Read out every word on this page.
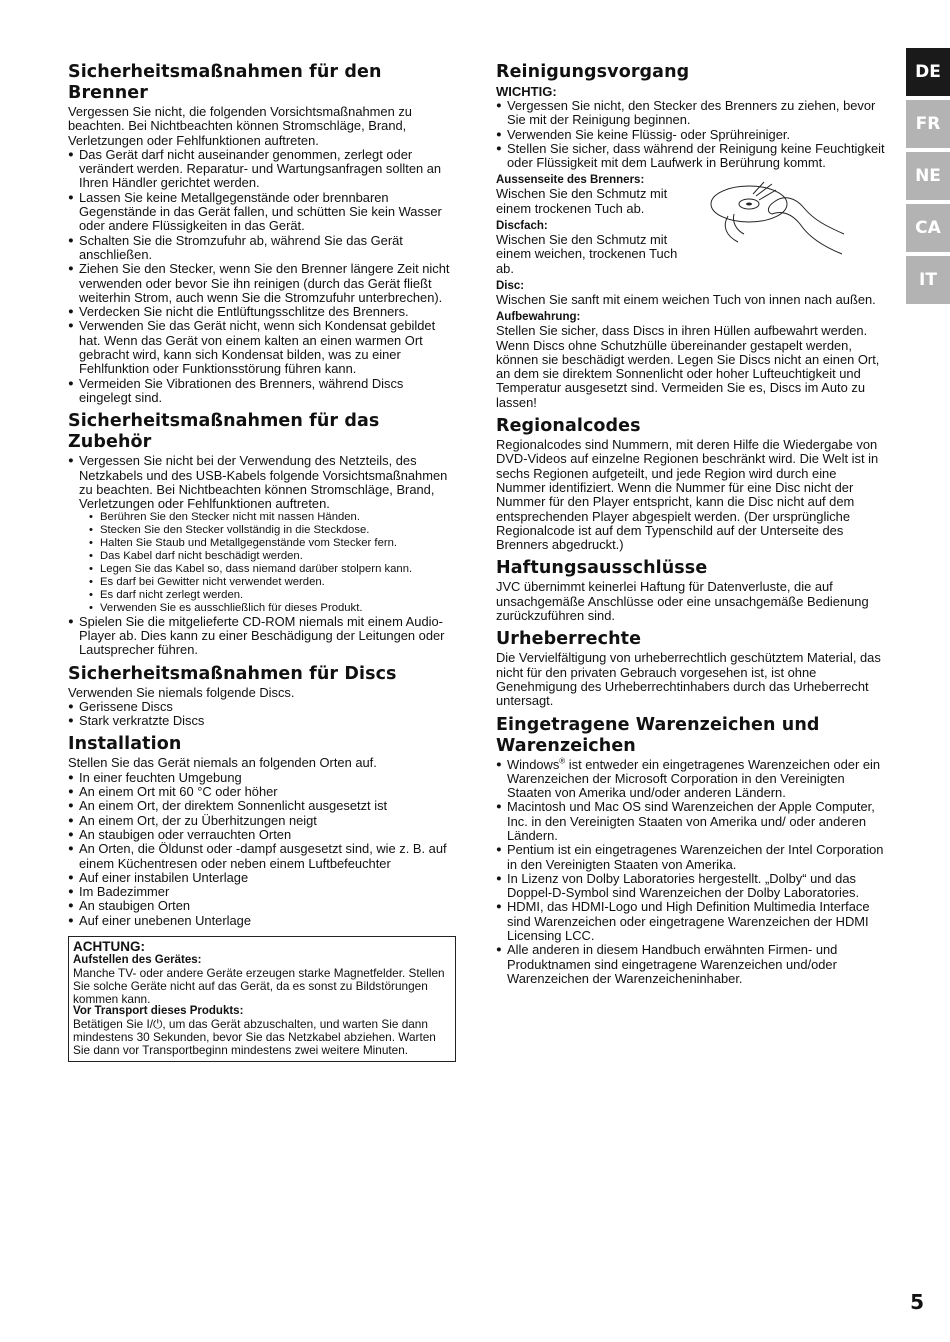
Sicherheitsmaßnahmen für den Brenner

Vergessen Sie nicht, die folgenden Vorsichtsmaßnahmen zu beachten. Bei Nichtbeachten können Stromschläge, Brand, Verletzungen oder Fehlfunktionen auftreten.

● Das Gerät darf nicht auseinander genommen, zerlegt oder verändert werden. Reparatur- und Wartungsanfragen sollten an Ihren Händler gerichtet werden.
● Lassen Sie keine Metallgegenstände oder brennbaren Gegenstände in das Gerät fallen, und schütten Sie kein Wasser oder andere Flüssigkeiten in das Gerät.
● Schalten Sie die Stromzufuhr ab, während Sie das Gerät anschließen.
● Ziehen Sie den Stecker, wenn Sie den Brenner längere Zeit nicht verwenden oder bevor Sie ihn reinigen (durch das Gerät fließt weiterhin Strom, auch wenn Sie die Stromzufuhr unterbrechen).
● Verdecken Sie nicht die Entlüftungsschlitze des Brenners.
● Verwenden Sie das Gerät nicht, wenn sich Kondensat gebildet hat. Wenn das Gerät von einem kalten an einen warmen Ort gebracht wird, kann sich Kondensat bilden, was zu einer Fehlfunktion oder Funktionsstörung führen kann.
● Vermeiden Sie Vibrationen des Brenners, während Discs eingelegt sind.
Sicherheitsmaßnahmen für das Zubehör
● Vergessen Sie nicht bei der Verwendung des Netzteils, des Netzkabels und des USB-Kabels folgende Vorsichtsmaßnahmen zu beachten. Bei Nichtbeachten können Stromschläge, Brand, Verletzungen oder Fehlfunktionen auftreten.
• Berühren Sie den Stecker nicht mit nassen Händen.
• Stecken Sie den Stecker vollständig in die Steckdose.
• Halten Sie Staub und Metallgegenstände vom Stecker fern.
• Das Kabel darf nicht beschädigt werden.
• Legen Sie das Kabel so, dass niemand darüber stolpern kann.
• Es darf bei Gewitter nicht verwendet werden.
• Es darf nicht zerlegt werden.
• Verwenden Sie es ausschließlich für dieses Produkt.
● Spielen Sie die mitgelieferte CD-ROM niemals mit einem Audio-Player ab. Dies kann zu einer Beschädigung der Leitungen oder Lautsprecher führen.
Sicherheitsmaßnahmen für Discs

Verwenden Sie niemals folgende Discs.

● Gerissene Discs
● Stark verkratzte Discs
Installation

Stellen Sie das Gerät niemals an folgenden Orten auf.

● In einer feuchten Umgebung
● An einem Ort mit 60 °C oder höher
● An einem Ort, der direktem Sonnenlicht ausgesetzt ist
● An einem Ort, der zu Überhitzungen neigt
● An staubigen oder verrauchten Orten
● An Orten, die Öldunst oder -dampf ausgesetzt sind, wie z. B. auf einem Küchentresen oder neben einem Luftbefeuchter
● Auf einer instabilen Unterlage
● Im Badezimmer
● An staubigen Orten
● Auf einer unebenen Unterlage
ACHTUNG:
Aufstellen des Gerätes:

Manche TV- oder andere Geräte erzeugen starke Magnetfelder. Stellen Sie solche Geräte nicht auf das Gerät, da es sonst zu Bildstörungen kommen kann.

Vor Transport dieses Produkts:

Betätigen Sie I/⏻, um das Gerät abzuschalten, und warten Sie dann mindestens 30 Sekunden, bevor Sie das Netzkabel abziehen. Warten Sie dann vor Transportbeginn mindestens zwei weitere Minuten.

Reinigungsvorgang
WICHTIG:
● Vergessen Sie nicht, den Stecker des Brenners zu ziehen, bevor Sie mit der Reinigung beginnen.
● Verwenden Sie keine Flüssig- oder Sprühreiniger.
● Stellen Sie sicher, dass während der Reinigung keine Feuchtigkeit oder Flüssigkeit mit dem Laufwerk in Berührung kommt.
Aussenseite des Brenners:

Wischen Sie den Schmutz mit einem trockenen Tuch ab.

Discfach:

Wischen Sie den Schmutz mit einem weichen, trockenen Tuch ab.

Disc:

Wischen Sie sanft mit einem weichen Tuch von innen nach außen.

Aufbewahrung:

Stellen Sie sicher, dass Discs in ihren Hüllen aufbewahrt werden. Wenn Discs ohne Schutzhülle übereinander gestapelt werden, können sie beschädigt werden. Legen Sie Discs nicht an einen Ort, an dem sie direktem Sonnenlicht oder hoher Lufteuchtigkeit und Temperatur ausgesetzt sind. Vermeiden Sie es, Discs im Auto zu lassen!

Regionalcodes

Regionalcodes sind Nummern, mit deren Hilfe die Wiedergabe von DVD-Videos auf einzelne Regionen beschränkt wird. Die Welt ist in sechs Regionen aufgeteilt, und jede Region wird durch eine Nummer identifiziert. Wenn die Nummer für eine Disc nicht der Nummer für den Player entspricht, kann die Disc nicht auf dem entsprechenden Player abgespielt werden. (Der ursprüngliche Regionalcode ist auf dem Typenschild auf der Unterseite des Brenners abgedruckt.)

Haftungsausschlüsse

JVC übernimmt keinerlei Haftung für Datenverluste, die auf unsachgemäße Anschlüsse oder eine unsachgemäße Bedienung zurückzuführen sind.

Urheberrechte

Die Vervielfältigung von urheberrechtlich geschütztem Material, das nicht für den privaten Gebrauch vorgesehen ist, ist ohne Genehmigung des Urheberrechtinhabers durch das Urheberrecht untersagt.

Eingetragene Warenzeichen und Warenzeichen
● Windows® ist entweder ein eingetragenes Warenzeichen oder ein Warenzeichen der Microsoft Corporation in den Vereinigten Staaten von Amerika und/oder anderen Ländern.
● Macintosh und Mac OS sind Warenzeichen der Apple Computer, Inc. in den Vereinigten Staaten von Amerika und/ oder anderen Ländern.
● Pentium ist ein eingetragenes Warenzeichen der Intel Corporation in den Vereinigten Staaten von Amerika.
● In Lizenz von Dolby Laboratories hergestellt. „Dolby“ und das Doppel-D-Symbol sind Warenzeichen der Dolby Laboratories.
● HDMI, das HDMI-Logo und High Definition Multimedia Interface sind Warenzeichen oder eingetragene Warenzeichen der HDMI Licensing LCC.
● Alle anderen in diesem Handbuch erwähnten Firmen- und Produktnamen sind eingetragene Warenzeichen und/oder Warenzeichen der Warenzeicheninhaber.
DE
FR
NE
CA
IT
5
